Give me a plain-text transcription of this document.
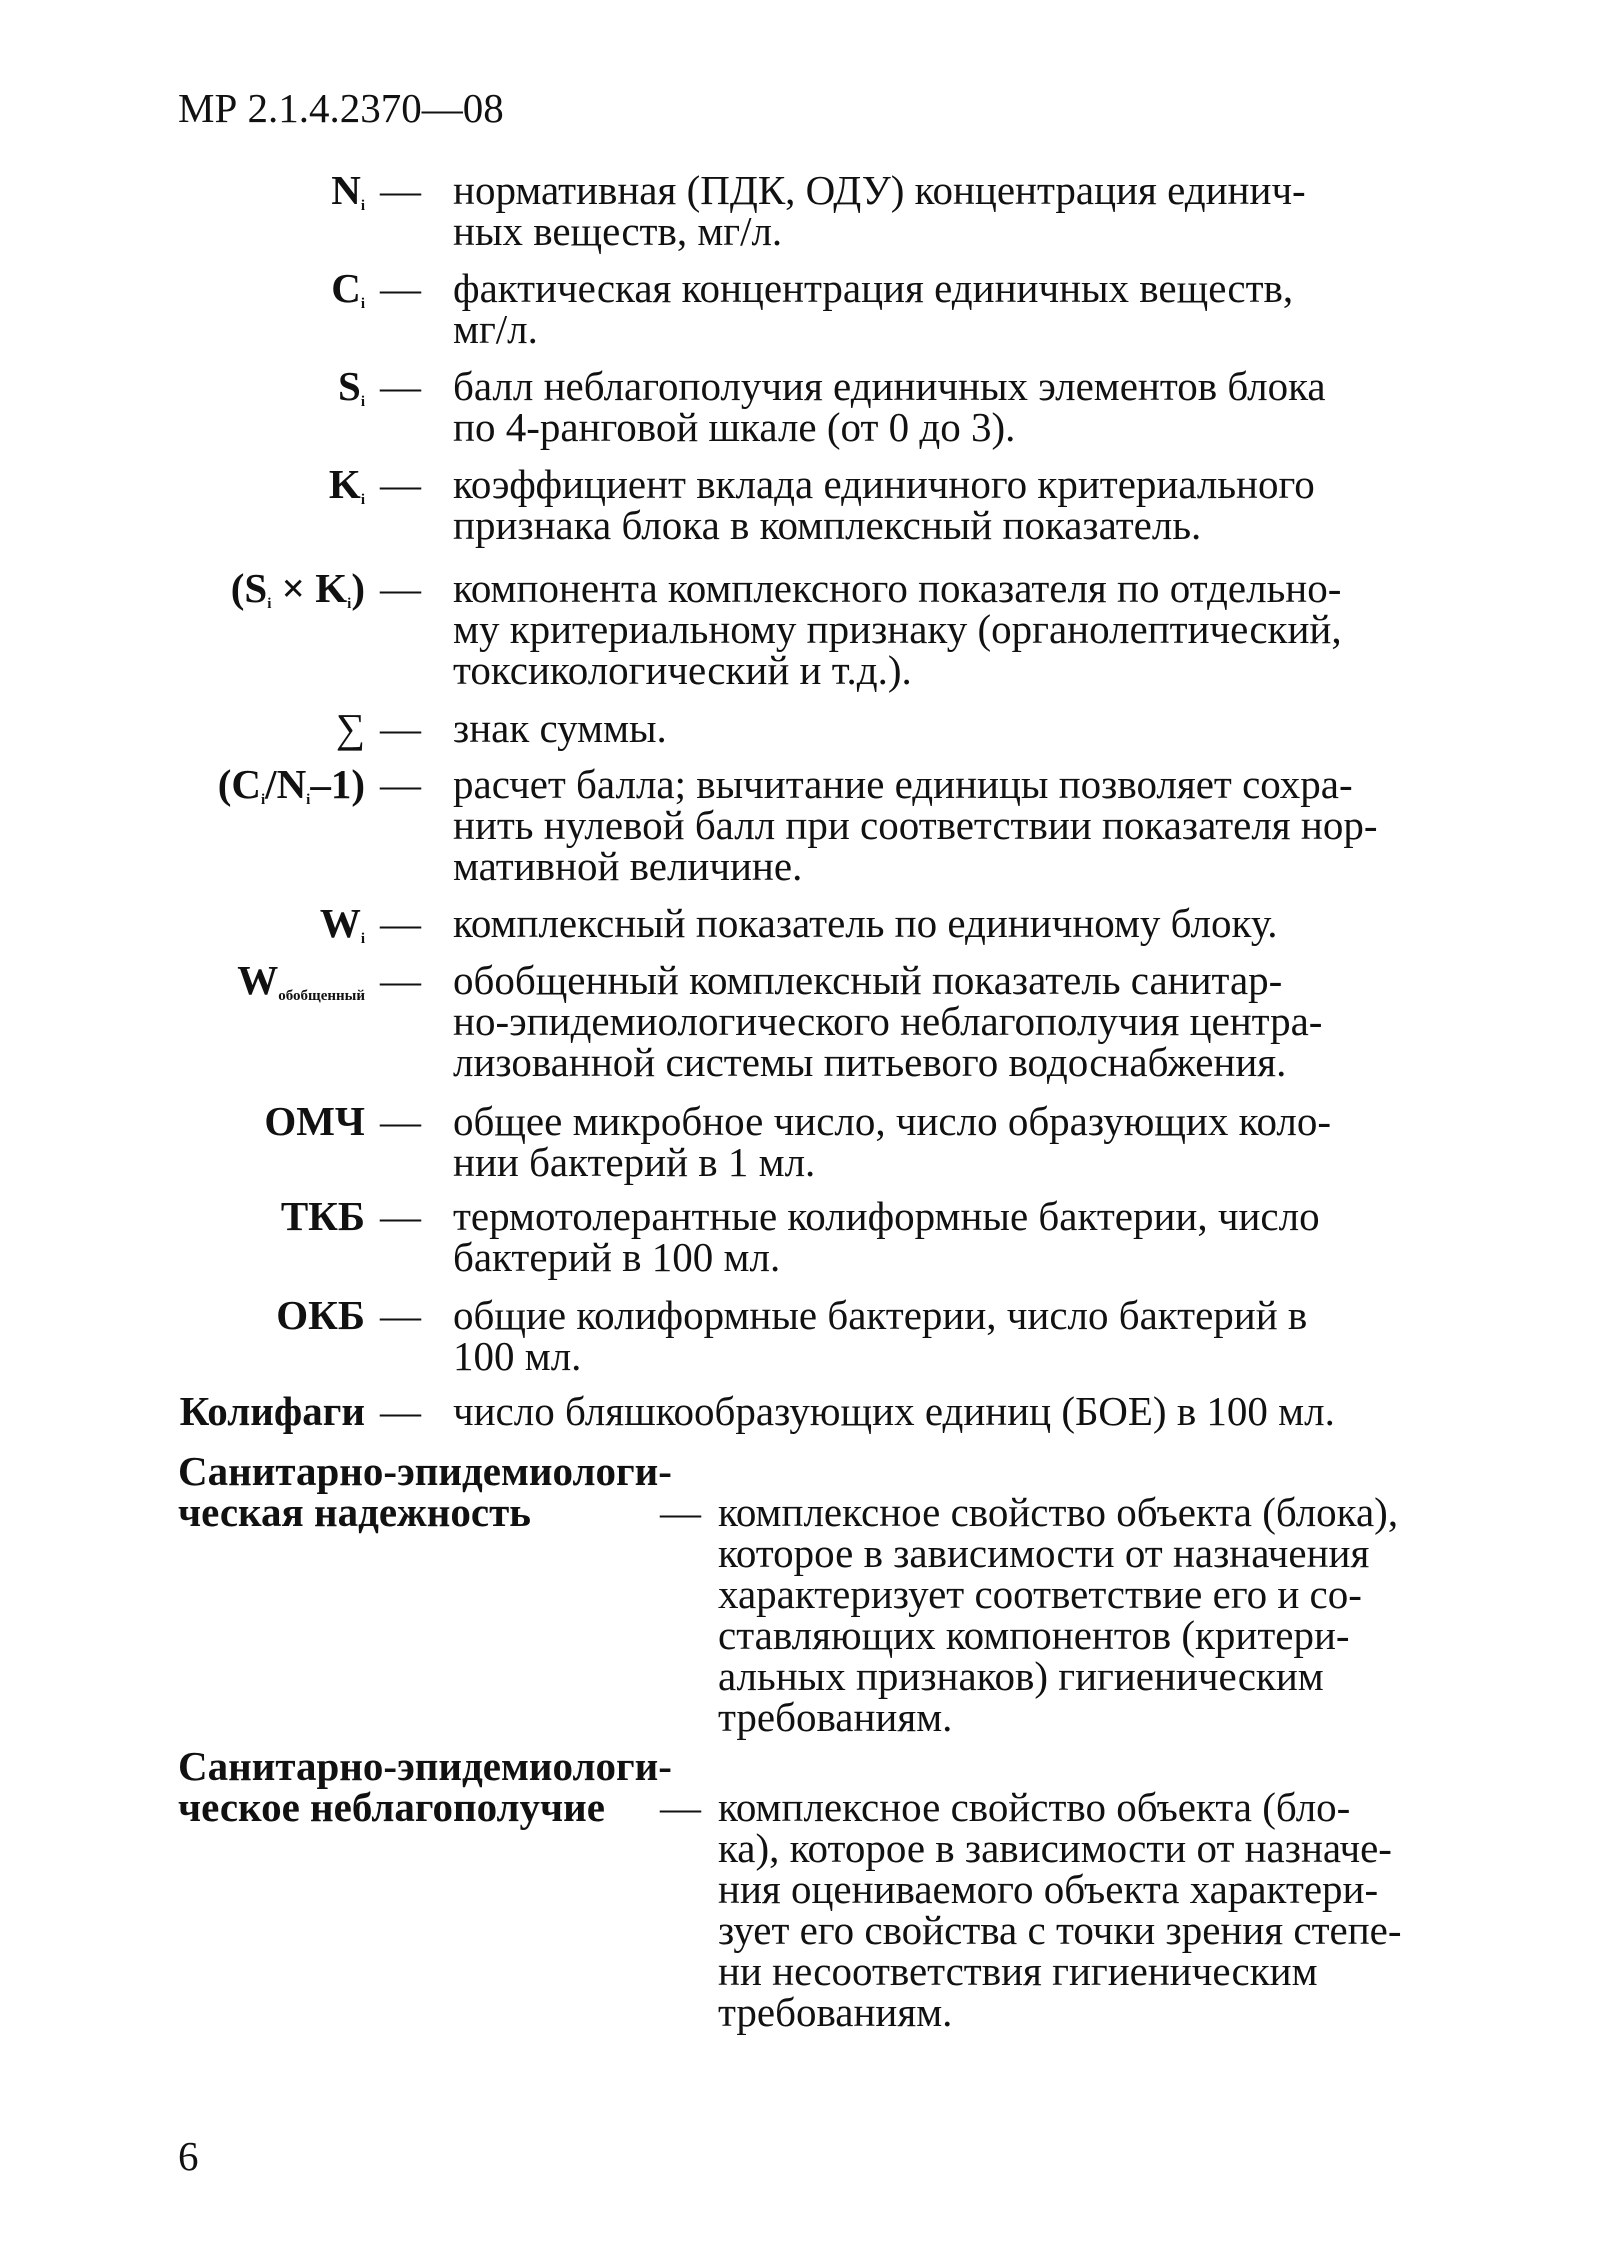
МР 2.1.4.2370—08
$N_i$ — нормативная (ПДК, ОДУ) концентрация единич-
ных веществ, мг/л.
$C_i$ — фактическая концентрация единичных веществ,
мг/л.
$S_i$ — балл неблагополучия единичных элементов блока
по 4-ранговой шкале (от 0 до 3).
$K_i$ — коэффициент вклада единичного критериального
признака блока в комплексный показатель.
$(S_i \times K_i)$ — компонента комплексного показателя по отдельно-
му критериальному признаку (органолептический,
токсикологический и т.д.).
∑ — знак суммы.
$(C_i/N_i-1)$ — расчет балла; вычитание единицы позволяет сохра-
нить нулевой балл при соответствии показателя нор-
мативной величине.
$W_i$ — комплексный показатель по единичному блоку.
$W_{обобщенный}$ — обобщенный комплексный показатель санитар-
но-эпидемиологического неблагополучия центра-
лизованной системы питьевого водоснабжения.
ОМЧ — общее микробное число, число образующих коло-
нии бактерий в 1 мл.
ТКБ — термотолерантные колиформные бактерии, число
бактерий в 100 мл.
ОКБ — общие колиформные бактерии, число бактерий в
100 мл.
Колифаги — число бляшкообразующих единиц (БОЕ) в 100 мл.
Санитарно-эпидемиологи-
ческая надежность	— комплексное свойство объекта (блока),
которое в зависимости от назначения
характеризует соответствие его и со-
ставляющих компонентов (критери-
альных признаков) гигиеническим
требованиям.
Санитарно-эпидемиологи-
ческое неблагополучие	— комплексное свойство объекта (бло-
ка), которое в зависимости от назначе-
ния оцениваемого объекта характери-
зует его свойства с точки зрения степе-
ни несоответствия гигиеническим
требованиям.
6
